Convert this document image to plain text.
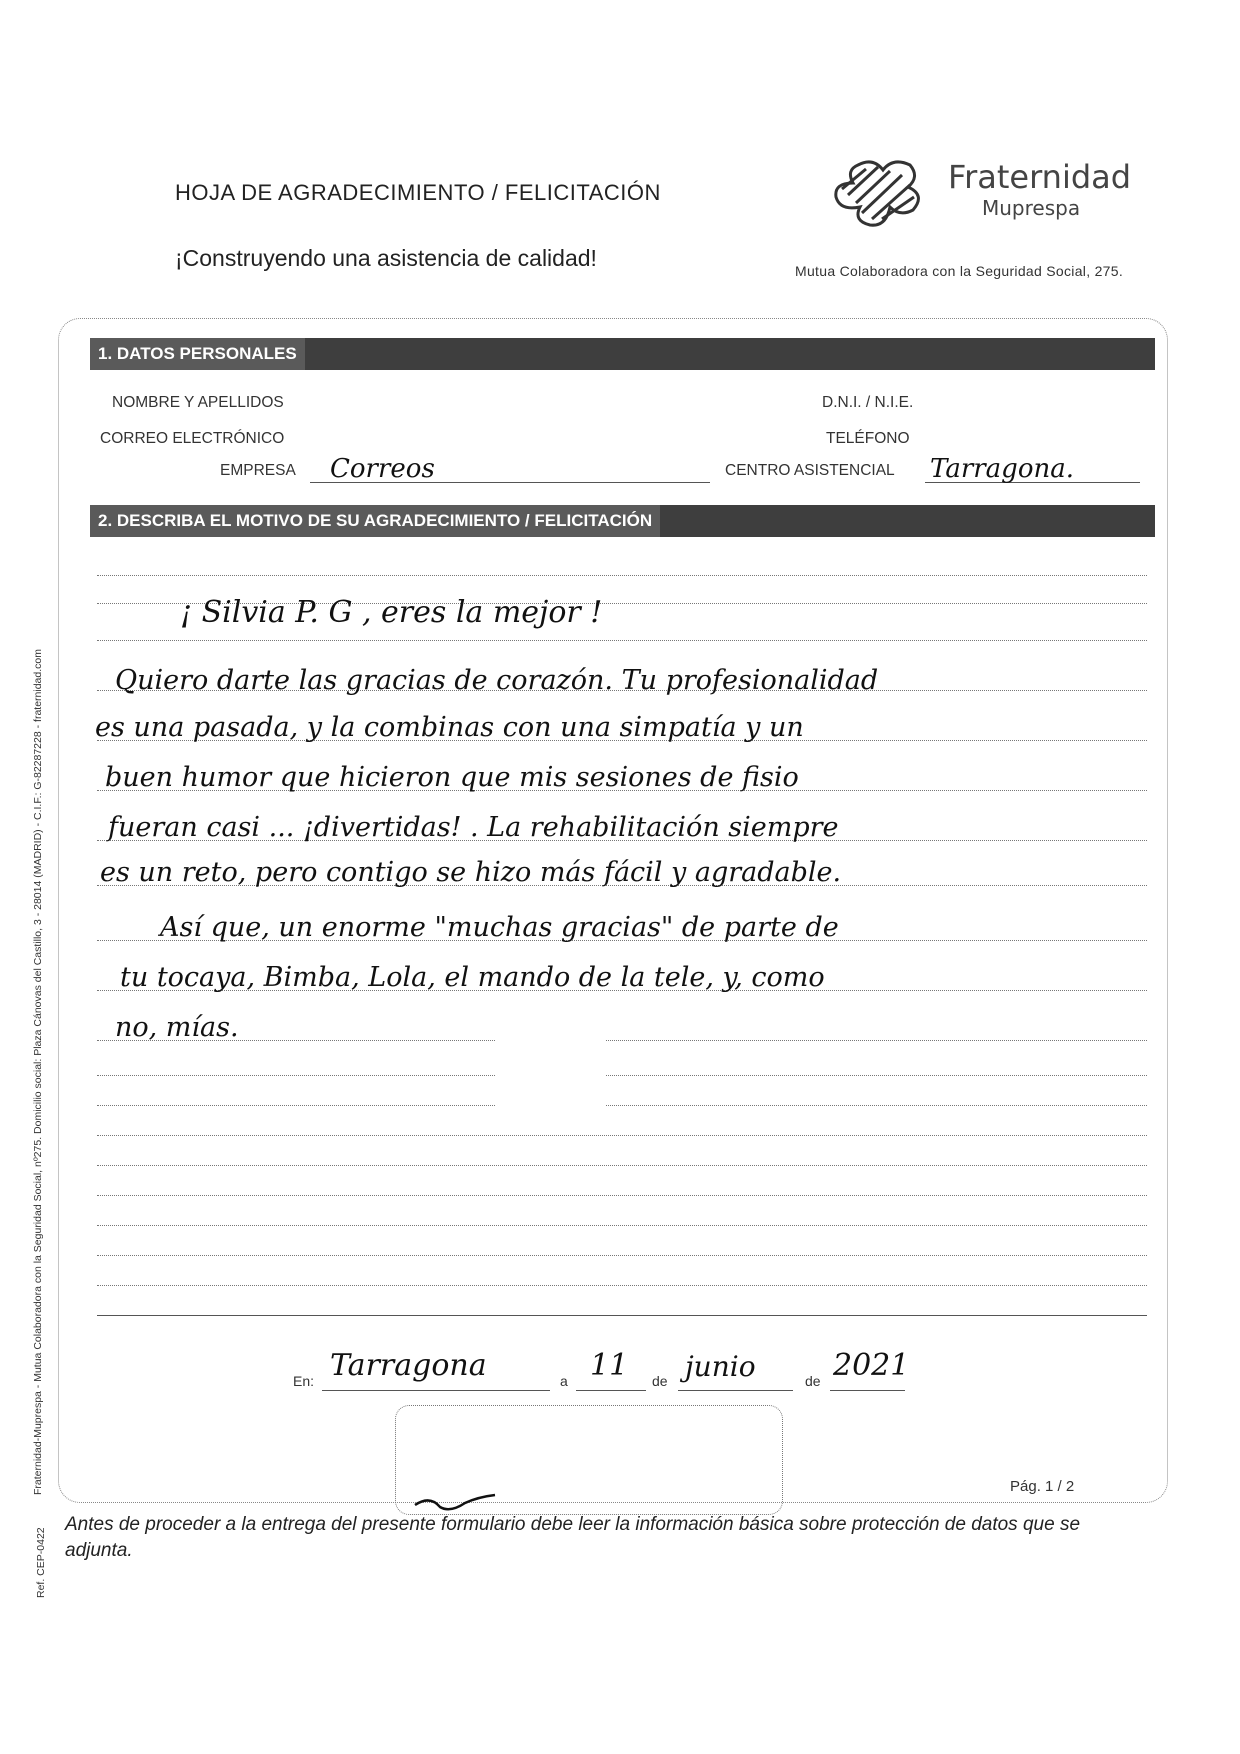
HOJA DE AGRADECIMIENTO / FELICITACIÓN
¡Construyendo una asistencia de calidad!
Fraternidad
Muprespa
Mutua Colaboradora con la Seguridad Social, 275.
1. DATOS PERSONALES
NOMBRE Y APELLIDOS	D.N.I. / N.I.E.
CORREO ELECTRÓNICO	TELÉFONO
EMPRESA Correos	CENTRO ASISTENCIAL Tarragona.
2. DESCRIBA EL MOTIVO DE SU AGRADECIMIENTO / FELICITACIÓN
¡ Silvia P. G , eres la mejor !
Quiero darte las gracias de corazón. Tu profesionalidad
es una pasada, y la combinas con una simpatía y un
buen humor que hicieron que mis sesiones de fisio
fueran casi ... ¡divertidas! . La rehabilitación siempre
es un reto, pero contigo se hizo más fácil y agradable.
Así que, un enorme "muchas gracias" de parte de
tu tocaya, Bimba, Lola, el mando de la tele, y, como
no, mías.
En: Tarragona	a 11 de junio	de 2021
Pág. 1 / 2
Antes de proceder a la entrega del presente formulario debe leer la información básica sobre protección de datos que se adjunta.
Fraternidad-Muprespa - Mutua Colaboradora con la Seguridad Social, nº275. Domicilio social: Plaza Cánovas del Castillo, 3 - 28014 (MADRID) - C.I.F.: G-82287228 - fraternidad.com
Ref. CEP-0422
